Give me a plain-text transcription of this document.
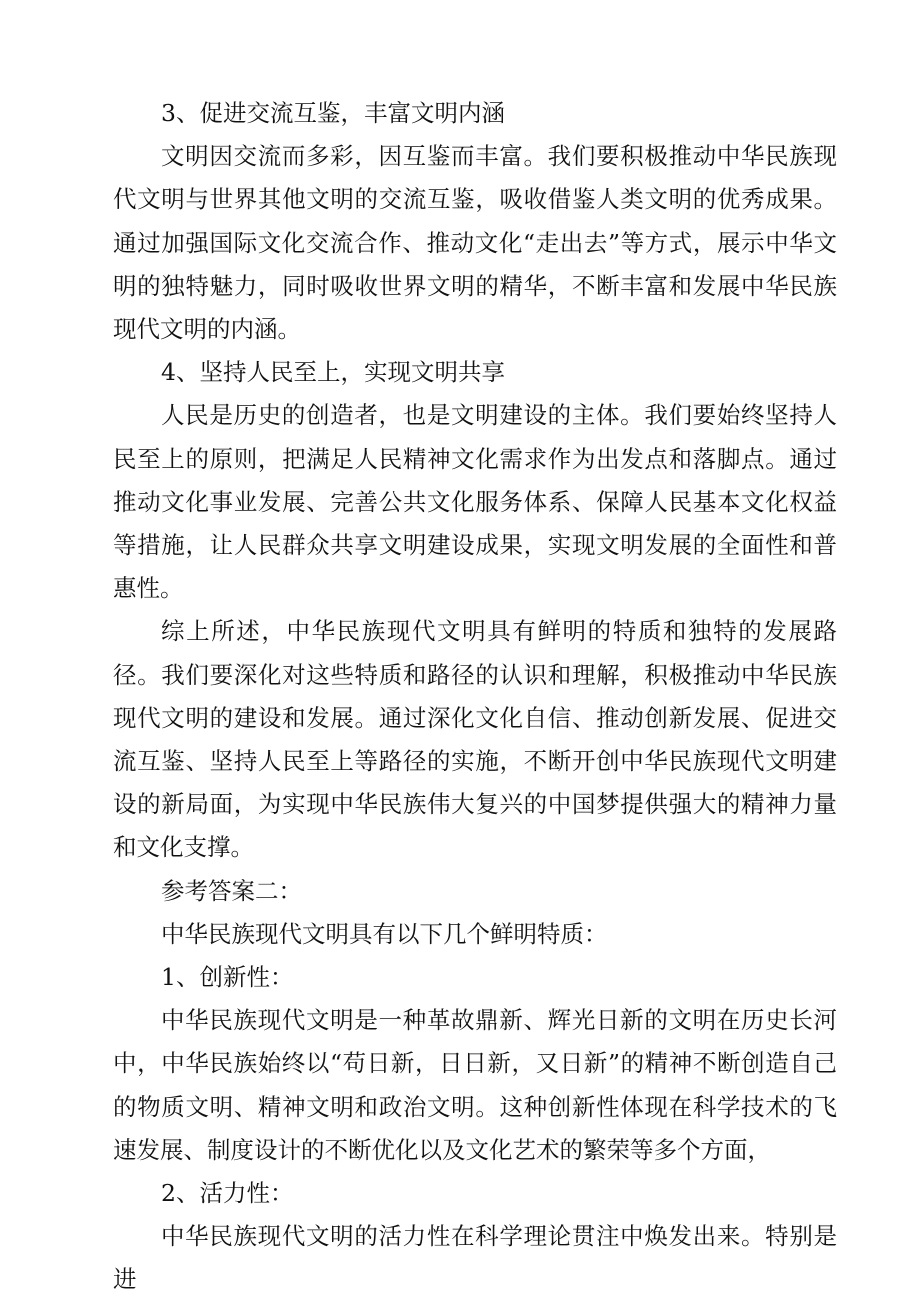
3、促进交流互鉴，丰富文明内涵

文明因交流而多彩，因互鉴而丰富。我们要积极推动中华民族现代文明与世界其他文明的交流互鉴，吸收借鉴人类文明的优秀成果。通过加强国际文化交流合作、推动文化“走出去”等方式，展示中华文明的独特魅力，同时吸收世界文明的精华，不断丰富和发展中华民族现代文明的内涵。

4、坚持人民至上，实现文明共享

人民是历史的创造者，也是文明建设的主体。我们要始终坚持人民至上的原则，把满足人民精神文化需求作为出发点和落脚点。通过推动文化事业发展、完善公共文化服务体系、保障人民基本文化权益等措施，让人民群众共享文明建设成果，实现文明发展的全面性和普惠性。

综上所述，中华民族现代文明具有鲜明的特质和独特的发展路径。我们要深化对这些特质和路径的认识和理解，积极推动中华民族现代文明的建设和发展。通过深化文化自信、推动创新发展、促进交流互鉴、坚持人民至上等路径的实施，不断开创中华民族现代文明建设的新局面，为实现中华民族伟大复兴的中国梦提供强大的精神力量和文化支撑。

参考答案二：

中华民族现代文明具有以下几个鲜明特质：

1、创新性：

中华民族现代文明是一种革故鼎新、辉光日新的文明在历史长河中，中华民族始终以“苟日新，日日新，又日新”的精神不断创造自己的物质文明、精神文明和政治文明。这种创新性体现在科学技术的飞速发展、制度设计的不断优化以及文化艺术的繁荣等多个方面，

2、活力性：

中华民族现代文明的活力性在科学理论贯注中焕发出来。特别是进
